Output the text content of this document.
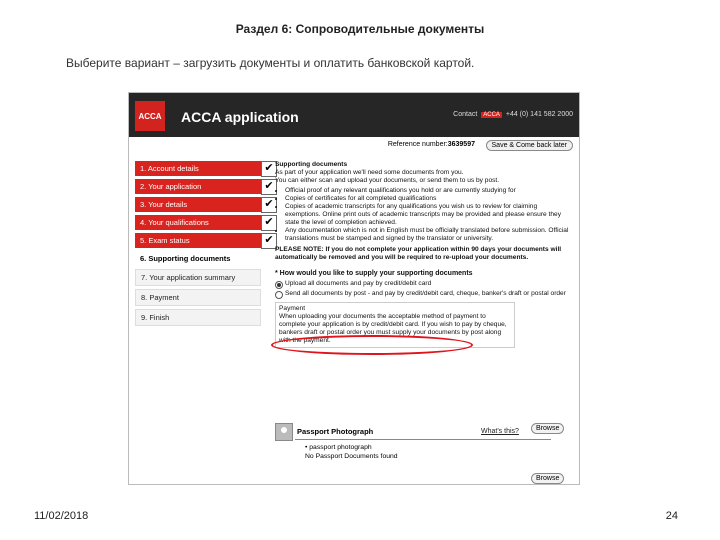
Раздел 6: Сопроводительные документы
Выберите вариант – загрузить документы и оплатить банковской картой.
ACCA ACCA application	Contact ACCA +44 (0) 141 582 2000
Reference number:3639597	Save & Come back later
1. Account details	✔
2. Your application	✔
3. Your details	✔
4. Your qualifications	✔
5. Exam status	✔
6. Supporting documents
7. Your application summary
8. Payment
9. Finish
Supporting documents
As part of your application we'll need some documents from you.
You can either scan and upload your documents, or send them to us by post.
• Official proof of any relevant qualifications you hold or are currently studying for
• Copies of certificates for all completed qualifications
• Copies of academic transcripts for any qualifications you wish us to review for claiming exemptions. Online print outs of academic transcripts may be provided and please ensure they state the level of completion achieved.
• Any documentation which is not in English must be officially translated before submission. Official translations must be stamped and signed by the translator or university.
PLEASE NOTE: If you do not complete your application within 90 days your documents will automatically be removed and you will be required to re-upload your documents.
* How would you like to supply your supporting documents
Upload all documents and pay by credit/debit card
Send all documents by post - and pay by credit/debit card, cheque, banker's draft or postal order
Payment
When uploading your documents the acceptable method of payment to complete your application is by credit/debit card. If you wish to pay by cheque, bankers draft or postal order you must supply your documents by post along with the payment.
Browse
Passport Photograph	What's this?
• passport photograph
No Passport Documents found
Browse
11/02/2018	24
